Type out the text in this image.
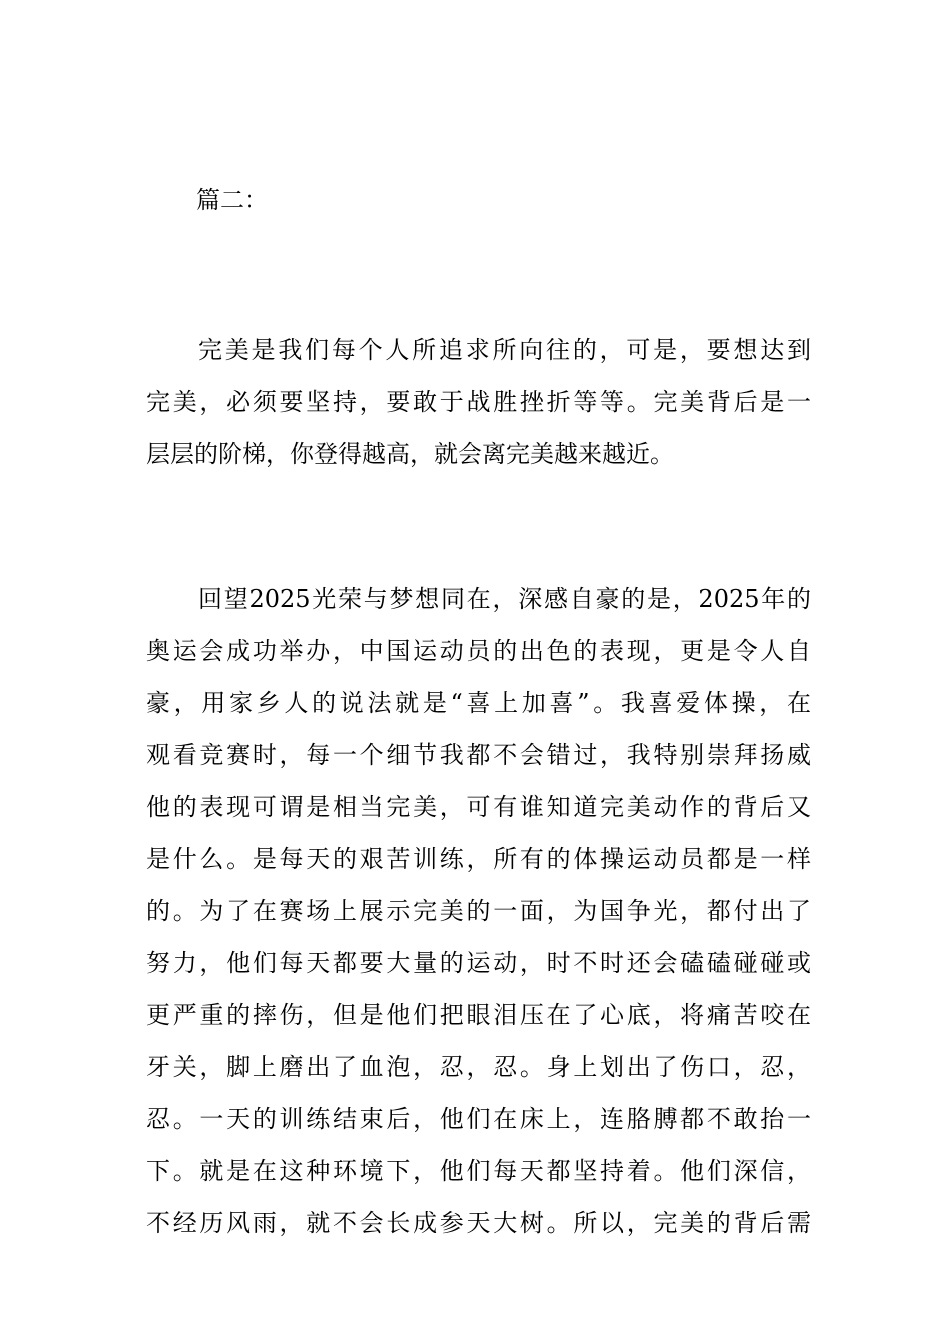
篇二：
完美是我们每个人所追求所向往的，可是，要想达到
完美，必须要坚持，要敢于战胜挫折等等。完美背后是一
层层的阶梯，你登得越高，就会离完美越来越近。
回望2025光荣与梦想同在，深感自豪的是，2025年的
奥运会成功举办，中国运动员的出色的表现，更是令人自
豪，用家乡人的说法就是“喜上加喜”。我喜爱体操，在
观看竞赛时，每一个细节我都不会错过，我特别崇拜扬威
他的表现可谓是相当完美，可有谁知道完美动作的背后又
是什么。是每天的艰苦训练，所有的体操运动员都是一样
的。为了在赛场上展示完美的一面，为国争光，都付出了
努力，他们每天都要大量的运动，时不时还会磕磕碰碰或
更严重的摔伤，但是他们把眼泪压在了心底，将痛苦咬在
牙关，脚上磨出了血泡，忍，忍。身上划出了伤口，忍，
忍。一天的训练结束后，他们在床上，连胳膊都不敢抬一
下。就是在这种环境下，他们每天都坚持着。他们深信，
不经历风雨，就不会长成参天大树。所以，完美的背后需
